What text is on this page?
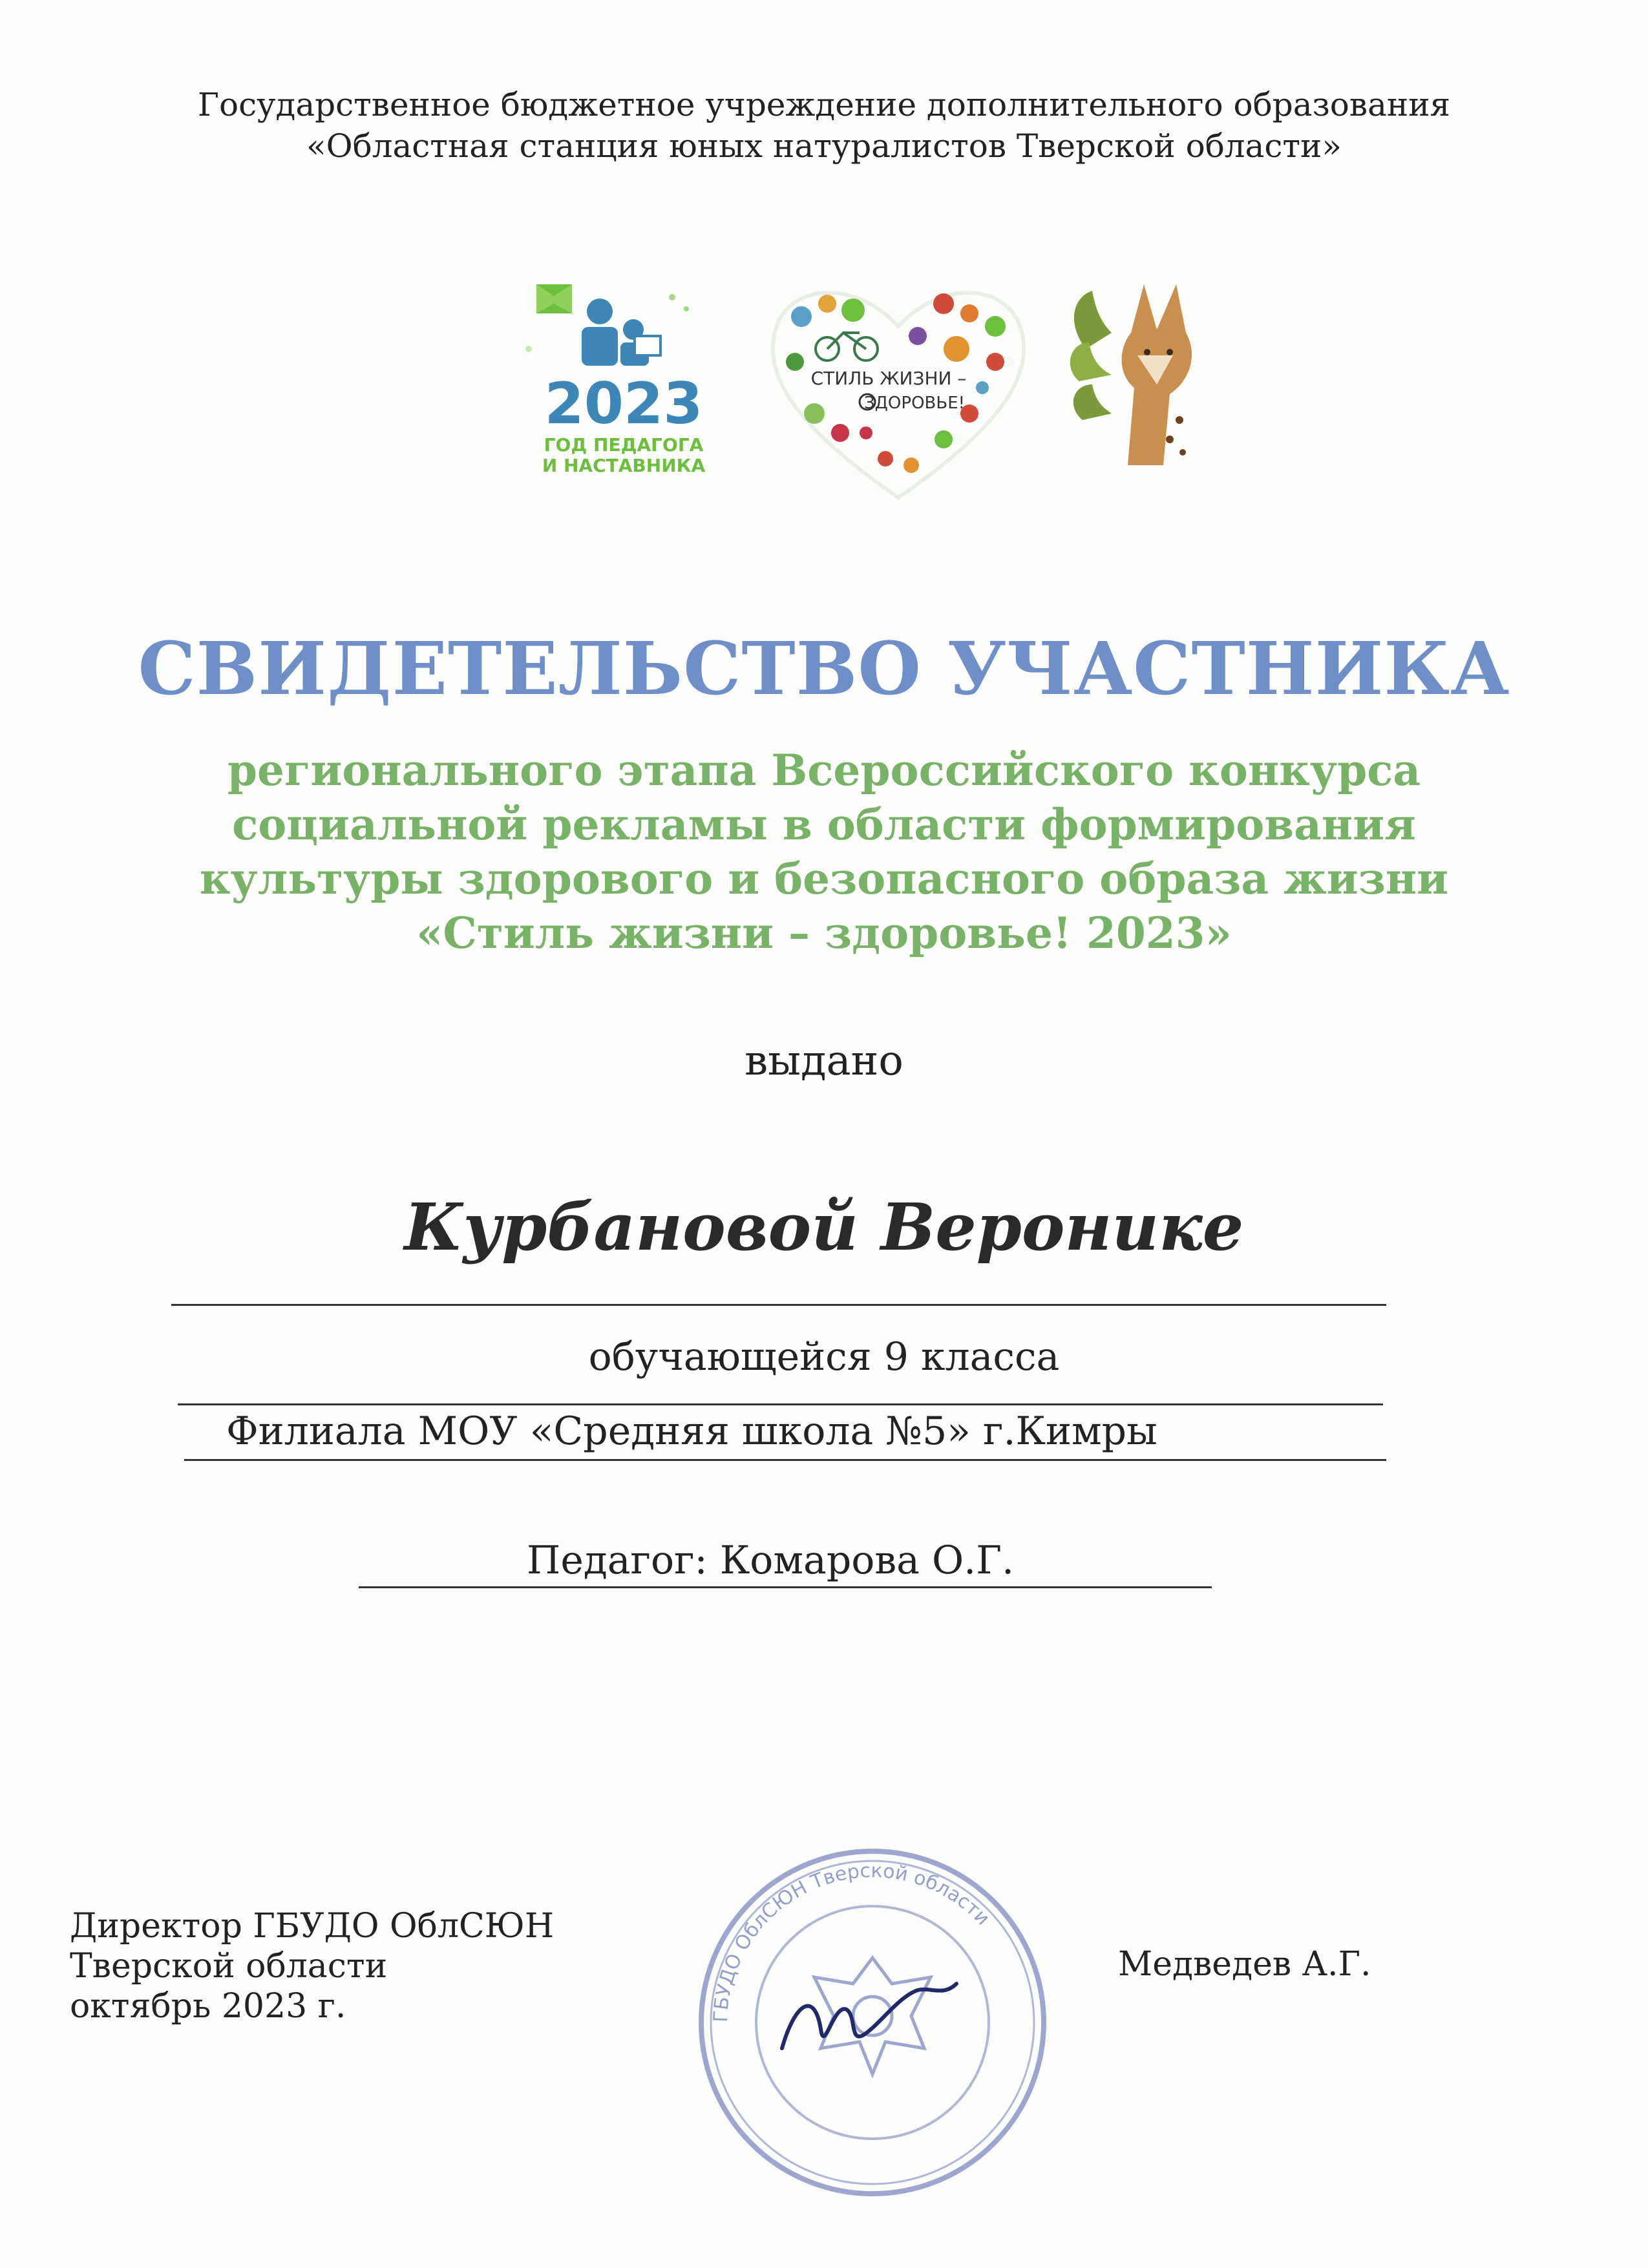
Государственное бюджетное учреждение дополнительного образования
«Областная станция юных натуралистов Тверской области»
2023
ГОД ПЕДАГОГА
И НАСТАВНИКА
СТИЛЬ ЖИЗНИ –
ЗДОРОВЬЕ!
СВИДЕТЕЛЬСТВО УЧАСТНИКА
регионального этапа Всероссийского конкурса
социальной рекламы в области формирования
культуры здорового и безопасного образа жизни
«Стиль жизни – здоровье! 2023»
выдано
Курбановой Веронике
обучающейся 9 класса
Филиала МОУ «Средняя школа №5» г.Кимры
Педагог: Комарова О.Г.
Директор ГБУДО ОблСЮН
Тверской области
октябрь 2023 г.	ГБУДО ОблСЮН Тверской области
Медведев А.Г.
